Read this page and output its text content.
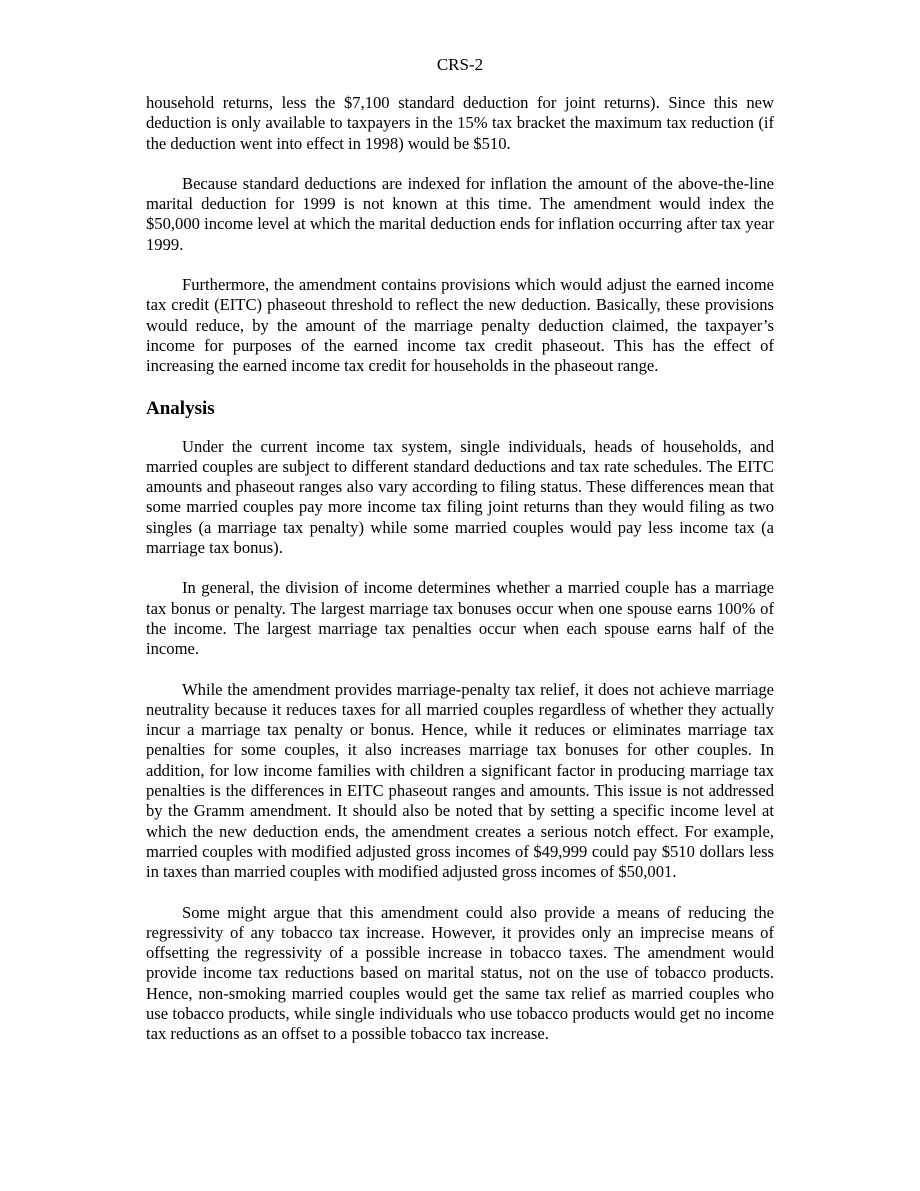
CRS-2

household returns, less the $7,100 standard deduction for joint returns). Since this new deduction is only available to taxpayers in the 15% tax bracket the maximum tax reduction (if the deduction went into effect in 1998) would be $510.

Because standard deductions are indexed for inflation the amount of the above-the-line marital deduction for 1999 is not known at this time. The amendment would index the $50,000 income level at which the marital deduction ends for inflation occurring after tax year 1999.

Furthermore, the amendment contains provisions which would adjust the earned income tax credit (EITC) phaseout threshold to reflect the new deduction. Basically, these provisions would reduce, by the amount of the marriage penalty deduction claimed, the taxpayer’s income for purposes of the earned income tax credit phaseout. This has the effect of increasing the earned income tax credit for households in the phaseout range.

Analysis

Under the current income tax system, single individuals, heads of households, and married couples are subject to different standard deductions and tax rate schedules. The EITC amounts and phaseout ranges also vary according to filing status. These differences mean that some married couples pay more income tax filing joint returns than they would filing as two singles (a marriage tax penalty) while some married couples would pay less income tax (a marriage tax bonus).

In general, the division of income determines whether a married couple has a marriage tax bonus or penalty. The largest marriage tax bonuses occur when one spouse earns 100% of the income. The largest marriage tax penalties occur when each spouse earns half of the income.

While the amendment provides marriage-penalty tax relief, it does not achieve marriage neutrality because it reduces taxes for all married couples regardless of whether they actually incur a marriage tax penalty or bonus. Hence, while it reduces or eliminates marriage tax penalties for some couples, it also increases marriage tax bonuses for other couples. In addition, for low income families with children a significant factor in producing marriage tax penalties is the differences in EITC phaseout ranges and amounts. This issue is not addressed by the Gramm amendment. It should also be noted that by setting a specific income level at which the new deduction ends, the amendment creates a serious notch effect. For example, married couples with modified adjusted gross incomes of $49,999 could pay $510 dollars less in taxes than married couples with modified adjusted gross incomes of $50,001.

Some might argue that this amendment could also provide a means of reducing the regressivity of any tobacco tax increase. However, it provides only an imprecise means of offsetting the regressivity of a possible increase in tobacco taxes. The amendment would provide income tax reductions based on marital status, not on the use of tobacco products. Hence, non-smoking married couples would get the same tax relief as married couples who use tobacco products, while single individuals who use tobacco products would get no income tax reductions as an offset to a possible tobacco tax increase.
